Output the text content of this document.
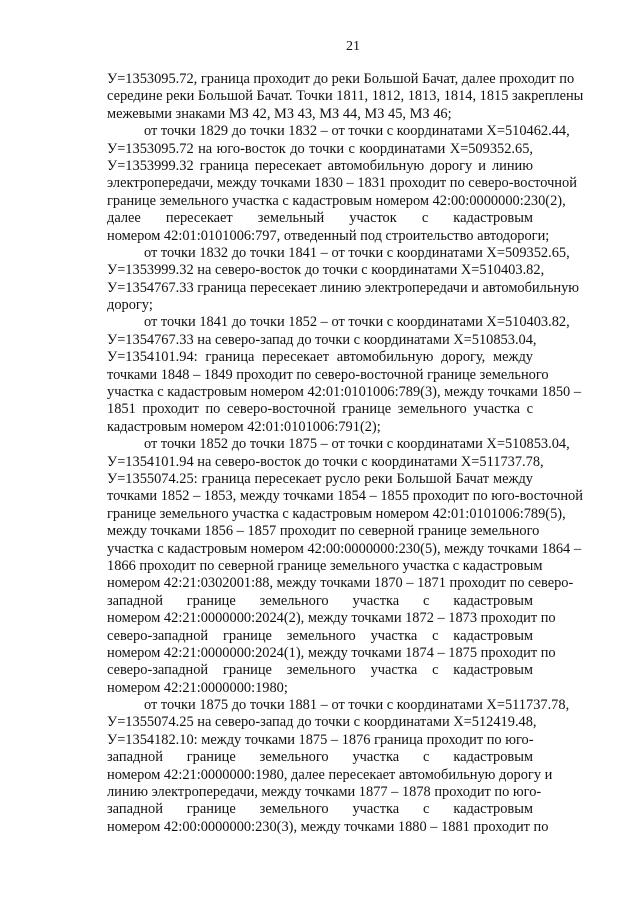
21
У=1353095.72, граница проходит до реки Большой Бачат, далее проходит по
середине реки Большой Бачат. Точки 1811, 1812, 1813, 1814, 1815 закреплены
межевыми знаками МЗ 42, МЗ 43, МЗ 44, МЗ 45, МЗ 46;
от точки 1829 до точки 1832 – от точки с координатами Х=510462.44,
У=1353095.72 на юго-восток до точки с координатами Х=509352.65,
У=1353999.32 граница пересекает автомобильную дорогу и линию
электропередачи, между точками 1830 – 1831 проходит по северо-восточной
границе земельного участка с кадастровым номером 42:00:0000000:230(2),
далее пересекает земельный участок с кадастровым
номером 42:01:0101006:797, отведенный под строительство автодороги;
от точки 1832 до точки 1841 – от точки с координатами Х=509352.65,
У=1353999.32 на северо-восток до точки с координатами Х=510403.82,
У=1354767.33 граница пересекает линию электропередачи и автомобильную
дорогу;
от точки 1841 до точки 1852 – от точки с координатами Х=510403.82,
У=1354767.33 на северо-запад до точки с координатами Х=510853.04,
У=1354101.94: граница пересекает автомобильную дорогу, между
точками 1848 – 1849 проходит по северо-восточной границе земельного
участка с кадастровым номером 42:01:0101006:789(3), между точками 1850 –
1851 проходит по северо-восточной границе земельного участка с
кадастровым номером 42:01:0101006:791(2);
от точки 1852 до точки 1875 – от точки с координатами Х=510853.04,
У=1354101.94 на северо-восток до точки с координатами Х=511737.78,
У=1355074.25: граница пересекает русло реки Большой Бачат между
точками 1852 – 1853, между точками 1854 – 1855 проходит по юго-восточной
границе земельного участка с кадастровым номером 42:01:0101006:789(5),
между точками 1856 – 1857 проходит по северной границе земельного
участка с кадастровым номером 42:00:0000000:230(5), между точками 1864 –
1866 проходит по северной границе земельного участка с кадастровым
номером 42:21:0302001:88, между точками 1870 – 1871 проходит по северо-
западной границе земельного участка с кадастровым
номером 42:21:0000000:2024(2), между точками 1872 – 1873 проходит по
северо-западной границе земельного участка с кадастровым
номером 42:21:0000000:2024(1), между точками 1874 – 1875 проходит по
северо-западной границе земельного участка с кадастровым
номером 42:21:0000000:1980;
от точки 1875 до точки 1881 – от точки с координатами Х=511737.78,
У=1355074.25 на северо-запад до точки с координатами Х=512419.48,
У=1354182.10: между точками 1875 – 1876 граница проходит по юго-
западной границе земельного участка с кадастровым
номером 42:21:0000000:1980, далее пересекает автомобильную дорогу и
линию электропередачи, между точками 1877 – 1878 проходит по юго-
западной границе земельного участка с кадастровым
номером 42:00:0000000:230(3), между точками 1880 – 1881 проходит по
